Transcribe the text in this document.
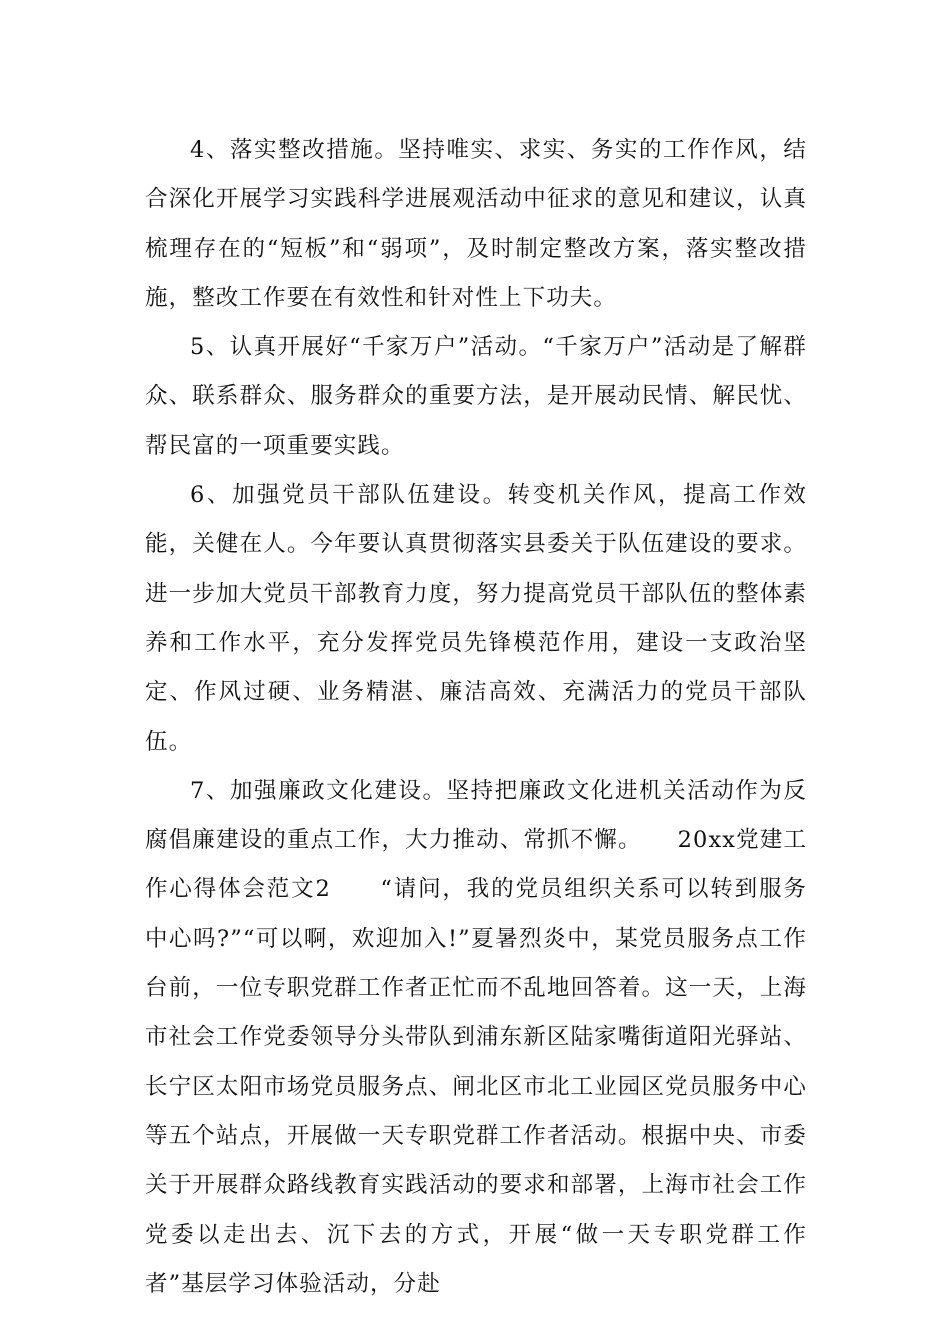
4、落实整改措施。坚持唯实、求实、务实的工作作风，结合深化开展学习实践科学进展观活动中征求的意见和建议，认真梳理存在的“短板”和“弱项”，及时制定整改方案，落实整改措施，整改工作要在有效性和针对性上下功夫。

5、认真开展好“千家万户”活动。“千家万户”活动是了解群众、联系群众、服务群众的重要方法，是开展动民情、解民忧、帮民富的一项重要实践。

6、加强党员干部队伍建设。转变机关作风，提高工作效能，关健在人。今年要认真贯彻落实县委关于队伍建设的要求。进一步加大党员干部教育力度，努力提高党员干部队伍的整体素养和工作水平，充分发挥党员先锋模范作用，建设一支政治坚定、作风过硬、业务精湛、廉洁高效、充满活力的党员干部队伍。

7、加强廉政文化建设。坚持把廉政文化进机关活动作为反腐倡廉建设的重点工作，大力推动、常抓不懈。　　20xx党建工作心得体会范文2　　“请问，我的党员组织关系可以转到服务中心吗?”“可以啊，欢迎加入!”夏暑烈炎中，某党员服务点工作台前，一位专职党群工作者正忙而不乱地回答着。这一天，上海市社会工作党委领导分头带队到浦东新区陆家嘴街道阳光驿站、长宁区太阳市场党员服务点、闸北区市北工业园区党员服务中心等五个站点，开展做一天专职党群工作者活动。根据中央、市委关于开展群众路线教育实践活动的要求和部署，上海市社会工作党委以走出去、沉下去的方式，开展“做一天专职党群工作者”基层学习体验活动，分赴
